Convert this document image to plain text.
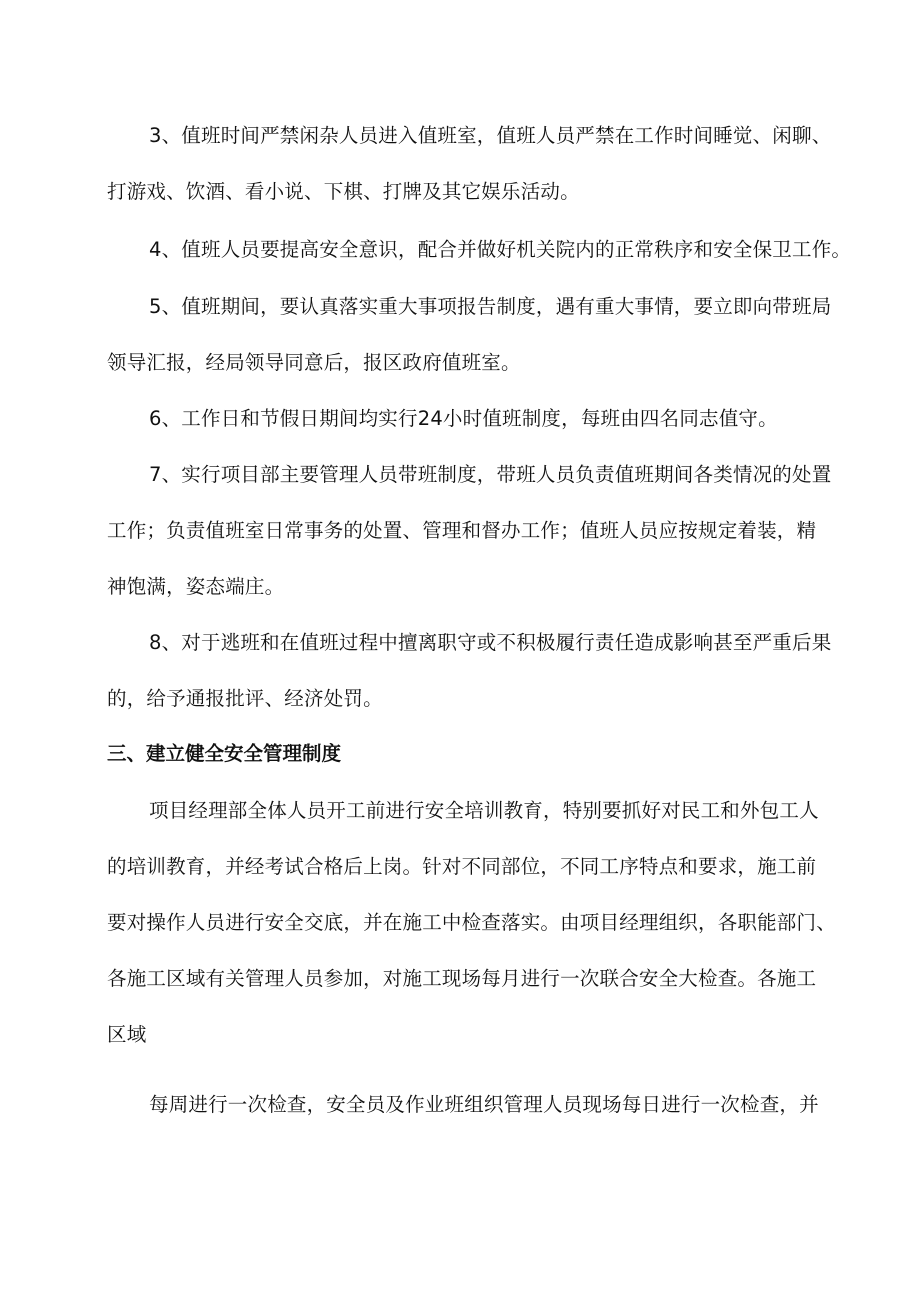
3、值班时间严禁闲杂人员进入值班室，值班人员严禁在工作时间睡觉、闲聊、
打游戏、饮酒、看小说、下棋、打牌及其它娱乐活动。

4、值班人员要提高安全意识，配合并做好机关院内的正常秩序和安全保卫工作。

5、值班期间，要认真落实重大事项报告制度，遇有重大事情，要立即向带班局
领导汇报，经局领导同意后，报区政府值班室。

6、工作日和节假日期间均实行24小时值班制度，每班由四名同志值守。

7、实行项目部主要管理人员带班制度，带班人员负责值班期间各类情况的处置
工作；负责值班室日常事务的处置、管理和督办工作；值班人员应按规定着装，精
神饱满，姿态端庄。

8、对于逃班和在值班过程中擅离职守或不积极履行责任造成影响甚至严重后果
的，给予通报批评、经济处罚。

三、建立健全安全管理制度

项目经理部全体人员开工前进行安全培训教育，特别要抓好对民工和外包工人
的培训教育，并经考试合格后上岗。针对不同部位，不同工序特点和要求，施工前
要对操作人员进行安全交底，并在施工中检查落实。由项目经理组织，各职能部门、
各施工区域有关管理人员参加，对施工现场每月进行一次联合安全大检查。各施工
区域

每周进行一次检查，安全员及作业班组织管理人员现场每日进行一次检查，并
